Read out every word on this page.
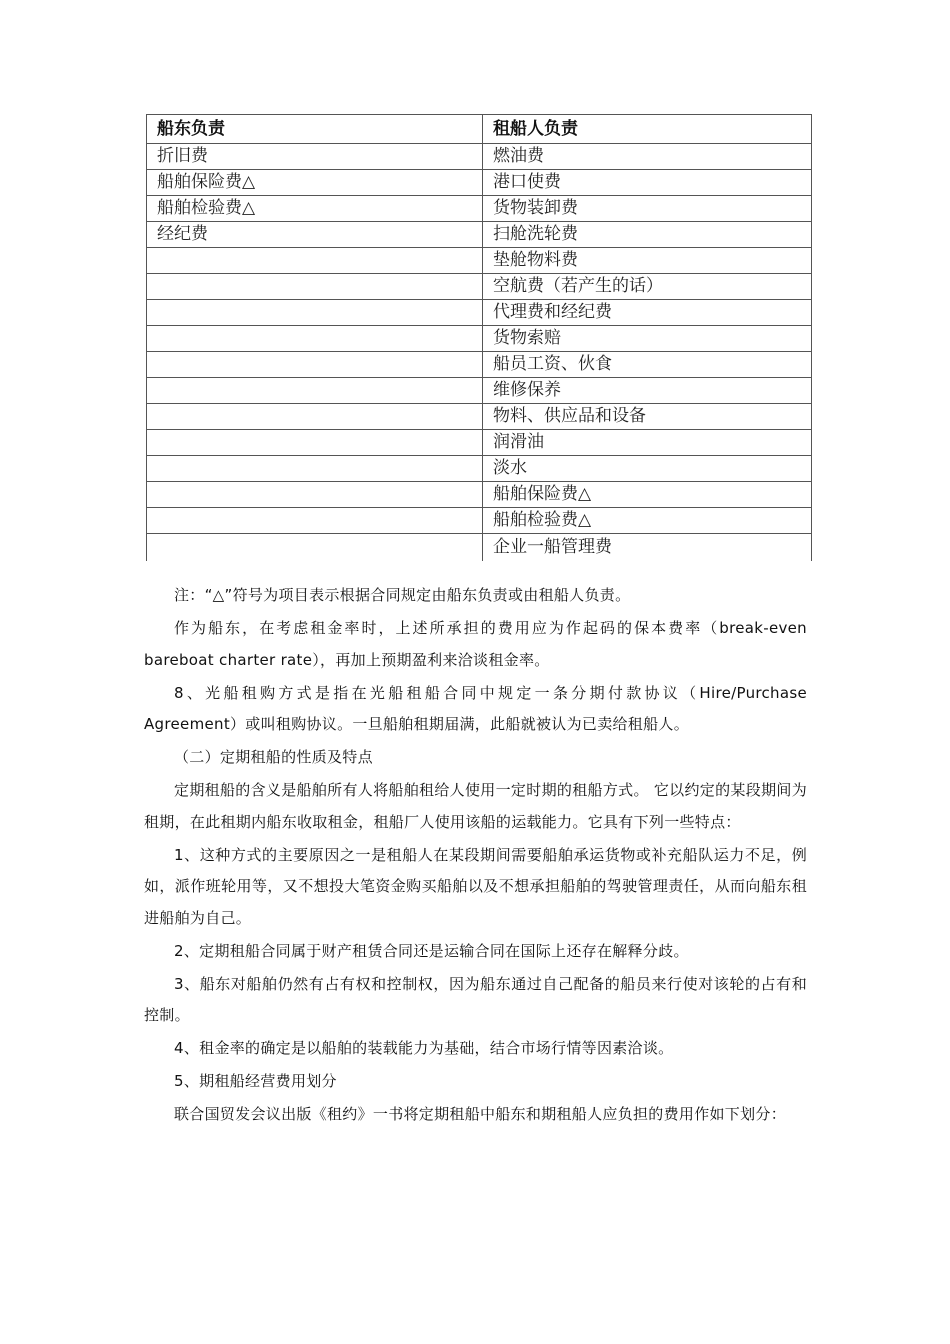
船东负责	租船人负责
折旧费	燃油费
船舶保险费△	港口使费
船舶检验费△	货物装卸费
经纪费	扫舱洗轮费
	垫舱物料费
	空航费（若产生的话）
	代理费和经纪费
	货物索赔
	船员工资、伙食
	维修保养
	物料、供应品和设备
	润滑油
	淡水
	船舶保险费△
	船舶检验费△
	企业一船管理费

注：“△”符号为项目表示根据合同规定由船东负责或由租船人负责。

作为船东，在考虑租金率时，上述所承担的费用应为作起码的保本费率（break-even bareboat charter rate），再加上预期盈利来洽谈租金率。

8、光船租购方式是指在光船租船合同中规定一条分期付款协议（Hire/Purchase Agreement）或叫租购协议。一旦船舶租期届满，此船就被认为已卖给租船人。

（二）定期租船的性质及特点

定期租船的含义是船舶所有人将船舶租给人使用一定时期的租船方式。 它以约定的某段期间为租期，在此租期内船东收取租金，租船厂人使用该船的运载能力。它具有下列一些特点：

1、这种方式的主要原因之一是租船人在某段期间需要船舶承运货物或补充船队运力不足，例如，派作班轮用等，又不想投大笔资金购买船舶以及不想承担船舶的驾驶管理责任，从而向船东租进船舶为自己。

2、定期租船合同属于财产租赁合同还是运输合同在国际上还存在解释分歧。

3、船东对船舶仍然有占有权和控制权，因为船东通过自己配备的船员来行使对该轮的占有和控制。

4、租金率的确定是以船舶的装载能力为基础，结合市场行情等因素洽谈。

5、期租船经营费用划分

联合国贸发会议出版《租约》一书将定期租船中船东和期租船人应负担的费用作如下划分：
